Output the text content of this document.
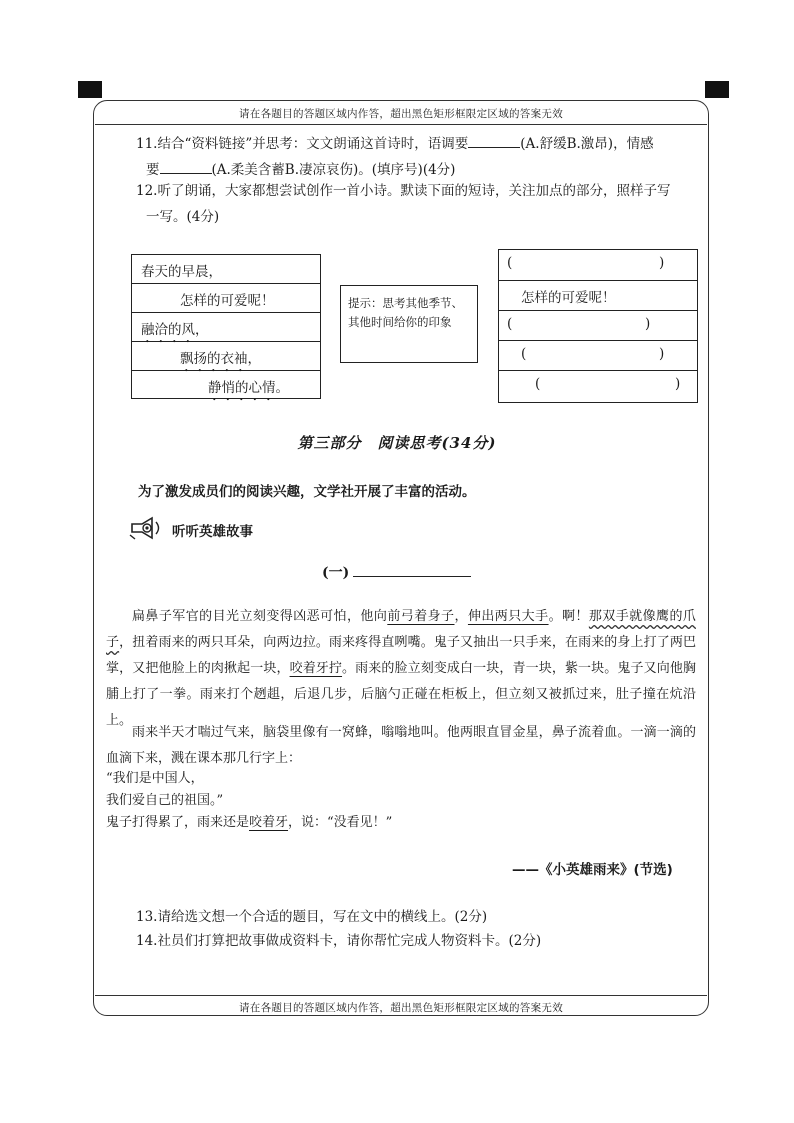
请在各题目的答题区域内作答，超出黑色矩形框限定区域的答案无效
11.结合“资料链接”并思考：文文朗诵这首诗时，语调要	(A.舒缓B.激昂)，情感
要	(A.柔美含蓄B.凄凉哀伤)。(填序号)(4分)
12.听了朗诵，大家都想尝试创作一首小诗。默读下面的短诗，关注加点的部分，照样子写
一写。(4分)
春天的早晨，
怎样的可爱呢！
融洽的风，
飘扬的衣袖，
静悄的心情。
提示：思考其他季节、其他时间给你的印象
(	)
怎样的可爱呢！
(	)
(	)
(	)
第三部分　阅读思考(34分)
为了激发成员们的阅读兴趣，文学社开展了丰富的活动。
听听英雄故事
(一)
扁鼻子军官的目光立刻变得凶恶可怕，他向前弓着身子，伸出两只大手。啊！那双手就像鹰的爪子，扭着雨来的两只耳朵，向两边拉。雨来疼得直咧嘴。鬼子又抽出一只手来，在雨来的身上打了两巴掌，又把他脸上的肉揪起一块，咬着牙拧。雨来的脸立刻变成白一块，青一块，紫一块。鬼子又向他胸脯上打了一拳。雨来打个趔趄，后退几步，后脑勺正碰在柜板上，但立刻又被抓过来，肚子撞在炕沿上。
雨来半天才喘过气来，脑袋里像有一窝蜂，嗡嗡地叫。他两眼直冒金星，鼻子流着血。一滴一滴的血滴下来，溅在课本那几行字上：
“我们是中国人，
我们爱自己的祖国。”
鬼子打得累了，雨来还是咬着牙，说：“没看见！”
——《小英雄雨来》(节选)
13.请给选文想一个合适的题目，写在文中的横线上。(2分)
14.社员们打算把故事做成资料卡，请你帮忙完成人物资料卡。(2分)
请在各题目的答题区域内作答，超出黑色矩形框限定区域的答案无效
